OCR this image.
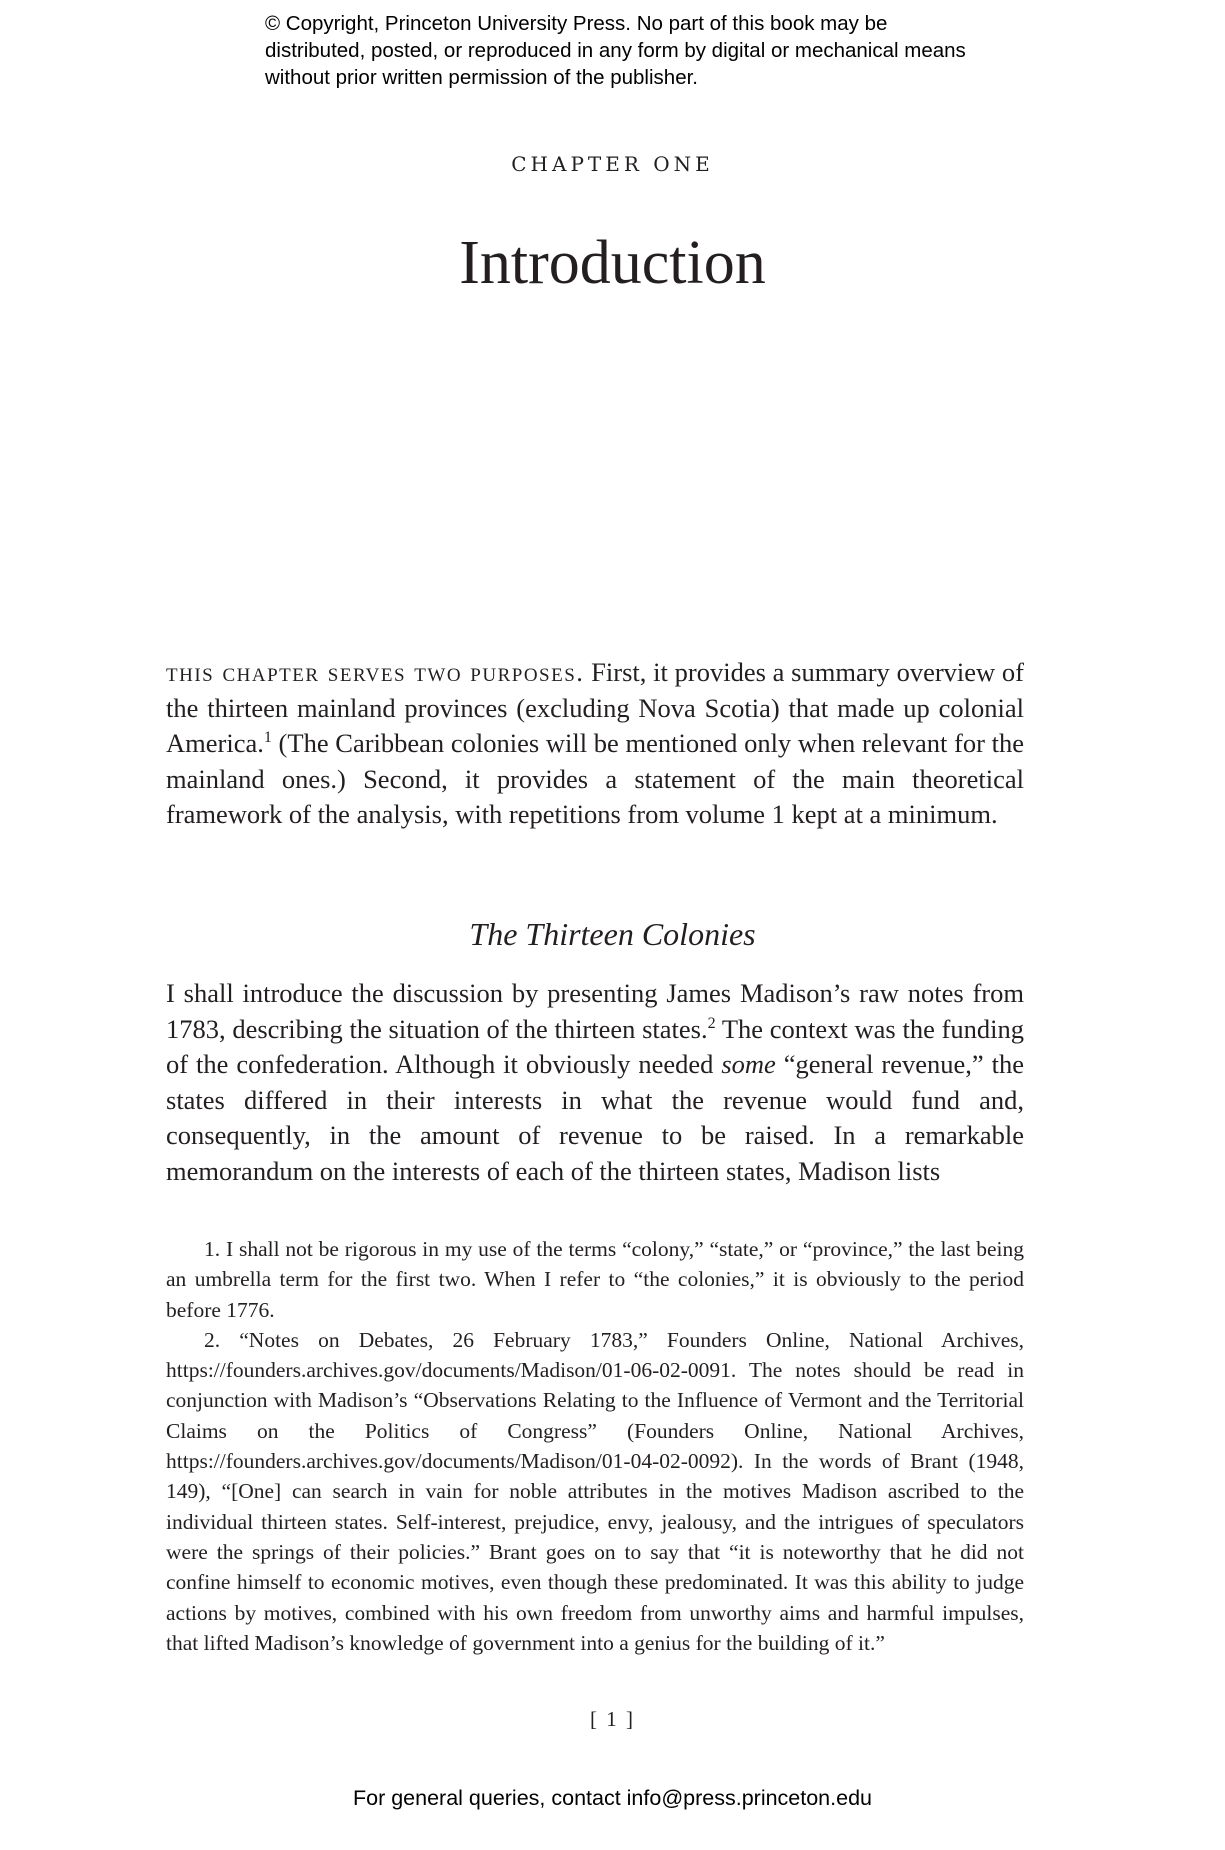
© Copyright, Princeton University Press. No part of this book may be distributed, posted, or reproduced in any form by digital or mechanical means without prior written permission of the publisher.
CHAPTER ONE
Introduction
this chapter serves two purposes. First, it provides a summary overview of the thirteen mainland provinces (excluding Nova Scotia) that made up colonial America.$^1$ (The Caribbean colonies will be mentioned only when relevant for the mainland ones.) Second, it provides a statement of the main theoretical framework of the analysis, with repetitions from volume 1 kept at a minimum.
The Thirteen Colonies
I shall introduce the discussion by presenting James Madison’s raw notes from 1783, describing the situation of the thirteen states.$^2$ The context was the funding of the confederation. Although it obviously needed some “general revenue,” the states differed in their interests in what the revenue would fund and, consequently, in the amount of revenue to be raised. In a remarkable memorandum on the interests of each of the thirteen states, Madison lists

1. I shall not be rigorous in my use of the terms “colony,” “state,” or “province,” the last being an umbrella term for the first two. When I refer to “the colonies,” it is obviously to the period before 1776.

2. “Notes on Debates, 26 February 1783,” Founders Online, National Archives, https://founders.archives.gov/documents/Madison/01-06-02-0091. The notes should be read in conjunction with Madison’s “Observations Relating to the Influence of Vermont and the Territorial Claims on the Politics of Congress” (Founders Online, National Archives, https://founders.archives.gov/documents/Madison/01-04-02-0092). In the words of Brant (1948, 149), “[One] can search in vain for noble attributes in the motives Madison ascribed to the individual thirteen states. Self-interest, prejudice, envy, jealousy, and the intrigues of speculators were the springs of their policies.” Brant goes on to say that “it is noteworthy that he did not confine himself to economic motives, even though these predominated. It was this ability to judge actions by motives, combined with his own freedom from unworthy aims and harmful impulses, that lifted Madison’s knowledge of government into a genius for the building of it.”

[ 1 ]
For general queries, contact info@press.princeton.edu
